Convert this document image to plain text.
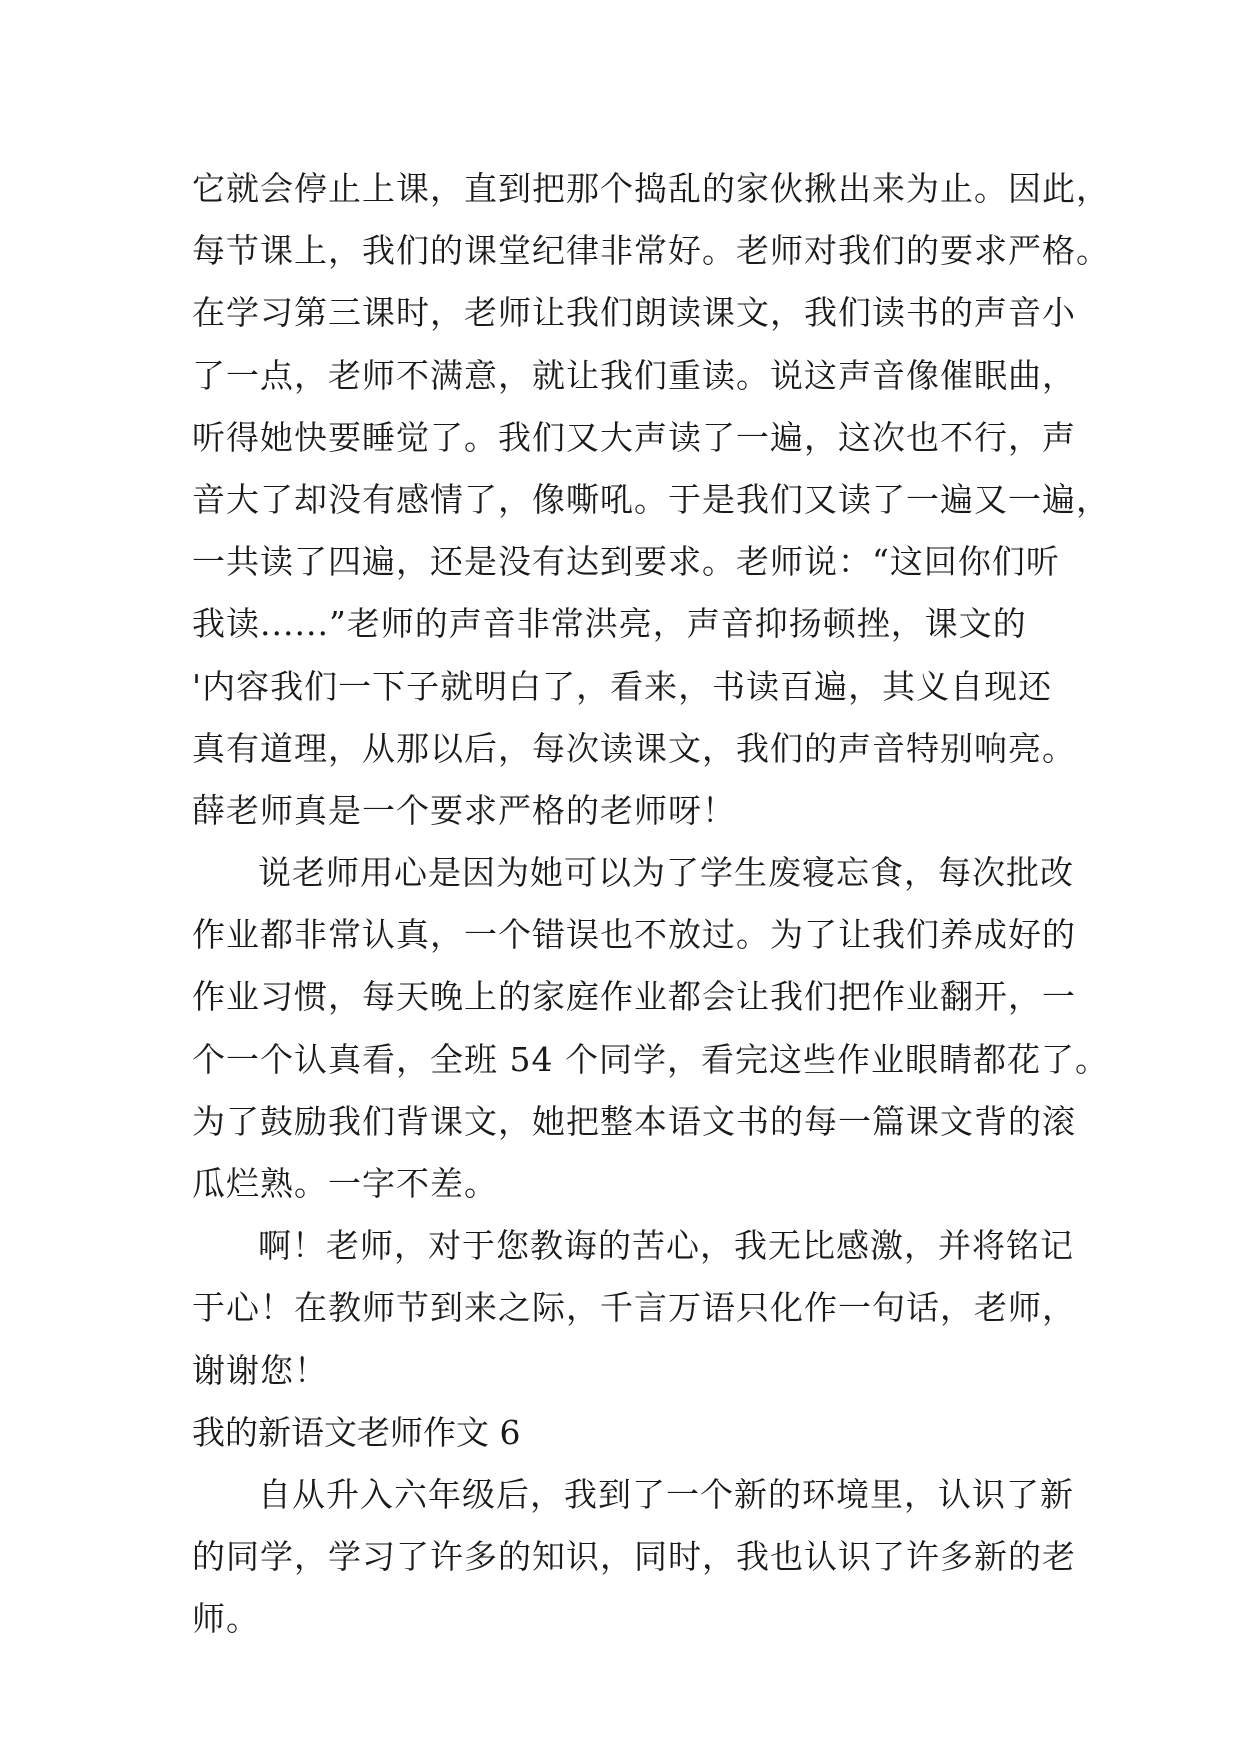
它就会停止上课，直到把那个捣乱的家伙揪出来为止。因此，
每节课上，我们的课堂纪律非常好。老师对我们的要求严格。
在学习第三课时，老师让我们朗读课文，我们读书的声音小
了一点，老师不满意，就让我们重读。说这声音像催眠曲，
听得她快要睡觉了。我们又大声读了一遍，这次也不行，声
音大了却没有感情了，像嘶吼。于是我们又读了一遍又一遍，
一共读了四遍，还是没有达到要求。老师说：“这回你们听
我读......”老师的声音非常洪亮，声音抑扬顿挫，课文的
'内容我们一下子就明白了，看来，书读百遍，其义自现还
真有道理，从那以后，每次读课文，我们的声音特别响亮。
薛老师真是一个要求严格的老师呀！
说老师用心是因为她可以为了学生废寝忘食，每次批改
作业都非常认真，一个错误也不放过。为了让我们养成好的
作业习惯，每天晚上的家庭作业都会让我们把作业翻开，一
个一个认真看，全班 54 个同学，看完这些作业眼睛都花了。
为了鼓励我们背课文，她把整本语文书的每一篇课文背的滚
瓜烂熟。一字不差。
啊！老师，对于您教诲的苦心，我无比感激，并将铭记
于心！在教师节到来之际，千言万语只化作一句话，老师，
谢谢您！
我的新语文老师作文 6
自从升入六年级后，我到了一个新的环境里，认识了新
的同学，学习了许多的知识，同时，我也认识了许多新的老
师。
